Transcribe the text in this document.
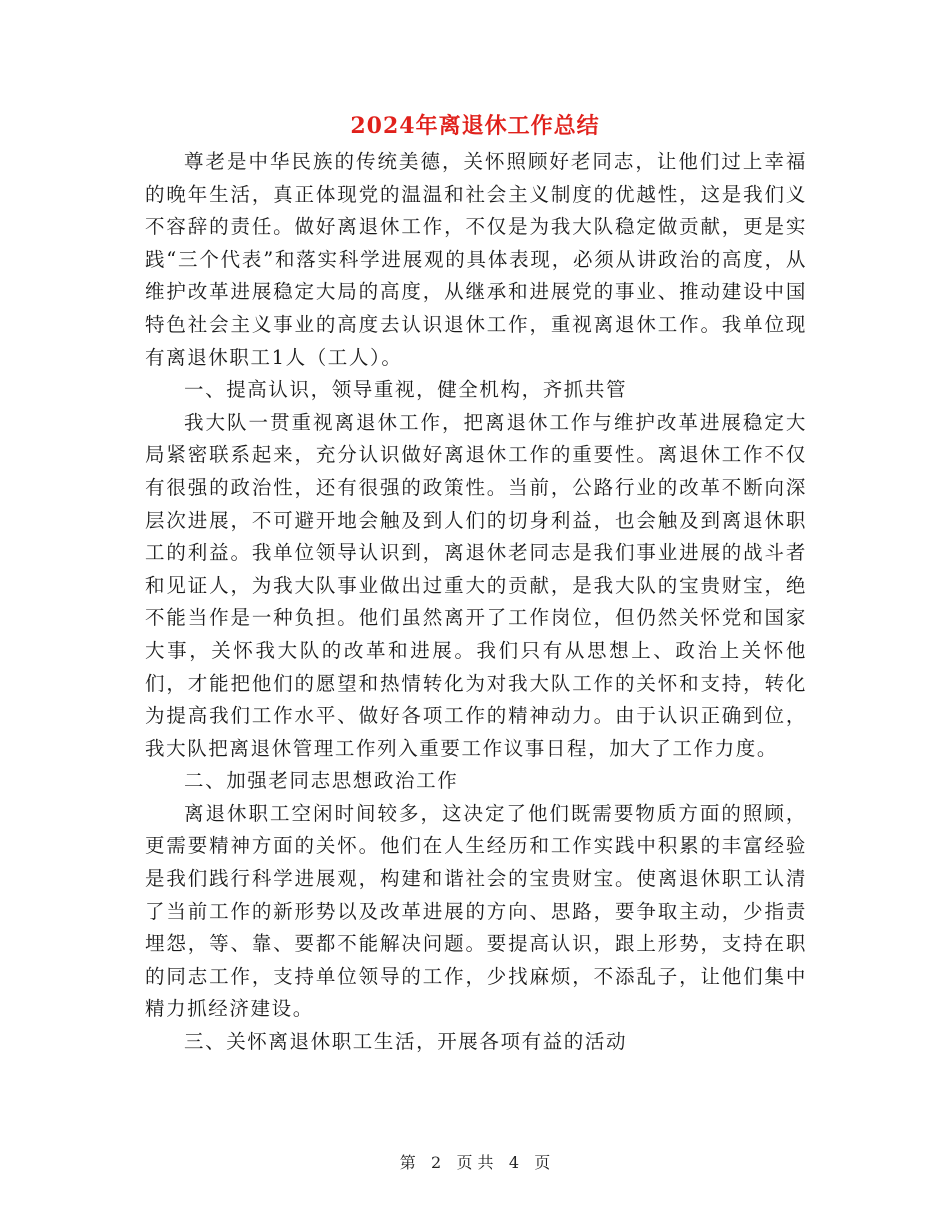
2024年离退休工作总结

尊老是中华民族的传统美德，关怀照顾好老同志，让他们过上幸福的晚年生活，真正体现党的温温和社会主义制度的优越性，这是我们义不容辞的责任。做好离退休工作，不仅是为我大队稳定做贡献，更是实践“三个代表”和落实科学进展观的具体表现，必须从讲政治的高度，从维护改革进展稳定大局的高度，从继承和进展党的事业、推动建设中国特色社会主义事业的高度去认识退休工作，重视离退休工作。我单位现有离退休职工1人（工人）。

一、提高认识，领导重视，健全机构，齐抓共管

我大队一贯重视离退休工作，把离退休工作与维护改革进展稳定大局紧密联系起来，充分认识做好离退休工作的重要性。离退休工作不仅有很强的政治性，还有很强的政策性。当前，公路行业的改革不断向深层次进展，不可避开地会触及到人们的切身利益，也会触及到离退休职工的利益。我单位领导认识到，离退休老同志是我们事业进展的战斗者和见证人，为我大队事业做出过重大的贡献，是我大队的宝贵财宝，绝不能当作是一种负担。他们虽然离开了工作岗位，但仍然关怀党和国家大事，关怀我大队的改革和进展。我们只有从思想上、政治上关怀他们，才能把他们的愿望和热情转化为对我大队工作的关怀和支持，转化为提高我们工作水平、做好各项工作的精神动力。由于认识正确到位，我大队把离退休管理工作列入重要工作议事日程，加大了工作力度。

二、加强老同志思想政治工作

离退休职工空闲时间较多，这决定了他们既需要物质方面的照顾，更需要精神方面的关怀。他们在人生经历和工作实践中积累的丰富经验是我们践行科学进展观，构建和谐社会的宝贵财宝。使离退休职工认清了当前工作的新形势以及改革进展的方向、思路，要争取主动，少指责埋怨，等、靠、要都不能解决问题。要提高认识，跟上形势，支持在职的同志工作，支持单位领导的工作，少找麻烦，不添乱子，让他们集中精力抓经济建设。

三、关怀离退休职工生活，开展各项有益的活动

第 2 页 共 4 页
